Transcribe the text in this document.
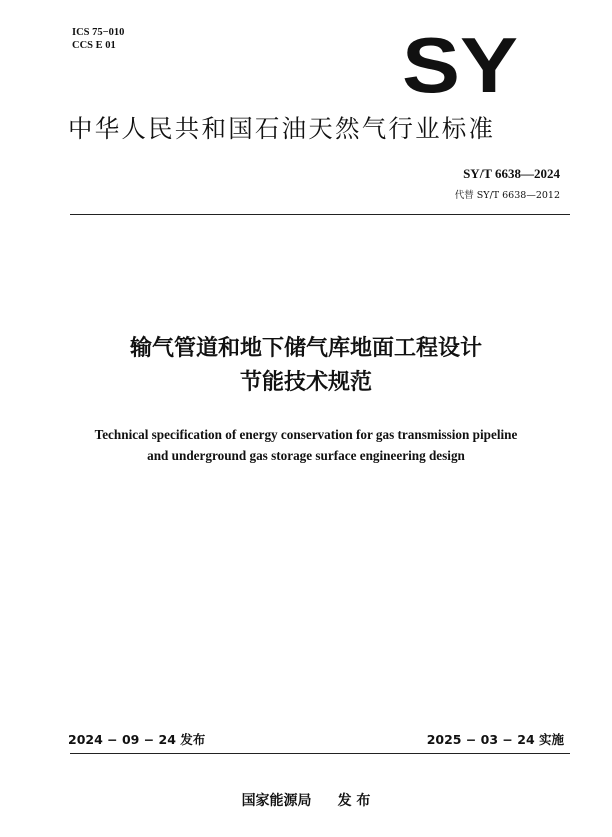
ICS 75−010
CCS E 01	SY
中华人民共和国石油天然气行业标准
SY/T 6638—2024
代替 SY/T 6638—2012
输气管道和地下储气库地面工程设计
节能技术规范
Technical specification of energy conservation for gas transmission pipeline
and underground gas storage surface engineering design
2024 − 09 − 24 发布	2025 − 03 − 24 实施
国家能源局 发 布
